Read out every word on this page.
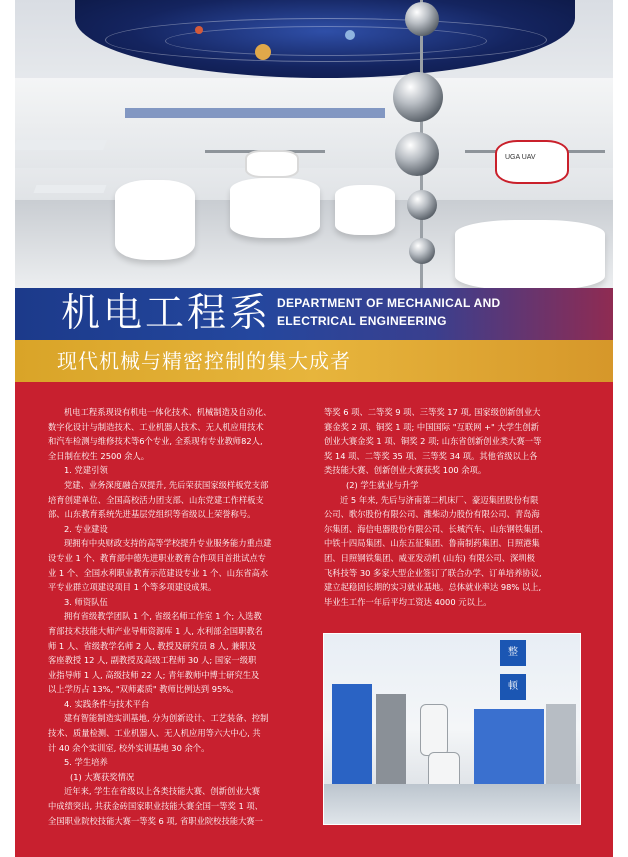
UGA UAV
机电工程系 DEPARTMENT OF MECHANICAL AND
ELECTRICAL ENGINEERING
现代机械与精密控制的集大成者

机电工程系现设有机电一体化技术、机械制造及自动化、

数字化设计与制造技术、工业机器人技术、无人机应用技术

和汽车检测与维修技术等6个专业, 全系现有专业教师82人,

全日制在校生 2500 余人。

1. 党建引领

党建、业务深度融合双提升, 先后荣获国家级样板党支部

培育创建单位、全国高校活力团支部、山东党建工作样板支

部、山东教育系统先进基层党组织等省级以上荣誉称号。

2. 专业建设

现拥有中央财政支持的高等学校提升专业服务能力重点建

设专业 1 个、教育部中德先进职业教育合作项目首批试点专

业 1 个、全国水利职业教育示范建设专业 1 个、山东省高水

平专业群立项建设项目 1 个等多项建设成果。

3. 师资队伍

拥有省级教学团队 1 个, 省级名师工作室 1 个; 入选教

育部技术技能大师产业导师资源库 1 人, 水利部全国职教名

师 1 人、省级教学名师 2 人, 教授及研究员 8 人, 兼职及

客座教授 12 人, 副教授及高级工程师 30 人; 国家一级职

业指导师 1 人, 高级技师 22 人; 青年教师中博士研究生及

以上学历占 13%, "双师素质" 教师比例达到 95%。

4. 实践条件与技术平台

建有智能制造实训基地, 分为创新设计、工艺装备、控制

技术、质量检测、工业机器人、无人机应用等六大中心, 共

计 40 余个实训室, 校外实训基地 30 余个。

5. 学生培养

(1) 大赛获奖情况

近年来, 学生在省级以上各类技能大赛、创新创业大赛

中成绩突出, 共获金砖国家职业技能大赛全国一等奖 1 项、

全国职业院校技能大赛一等奖 6 项, 省职业院校技能大赛一

等奖 6 项、二等奖 9 项、三等奖 17 项, 国家级创新创业大

赛金奖 2 项、铜奖 1 项; 中国国际 "互联网 +" 大学生创新

创业大赛金奖 1 项、铜奖 2 项; 山东省创新创业类大赛一等

奖 14 项、二等奖 35 项、三等奖 34 项。其他省级以上各

类技能大赛、创新创业大赛获奖 100 余项。

(2) 学生就业与升学

近 5 年来, 先后与济南第二机床厂、豪迈集团股份有限

公司、歌尔股份有限公司、潍柴动力股份有限公司、青岛海

尔集团、海信电器股份有限公司、长城汽车、山东钢铁集团、

中铁十四局集团、山东五征集团、鲁南制药集团、日照港集

团、日照钢铁集团、威亚发动机 (山东) 有限公司、深圳极

飞科技等 30 多家大型企业签订了联合办学、订单培养协议,

建立起稳固长期的实习就业基地。总体就业率达 98% 以上,

毕业生工作一年后平均工资达 4000 元以上。

整
顿
